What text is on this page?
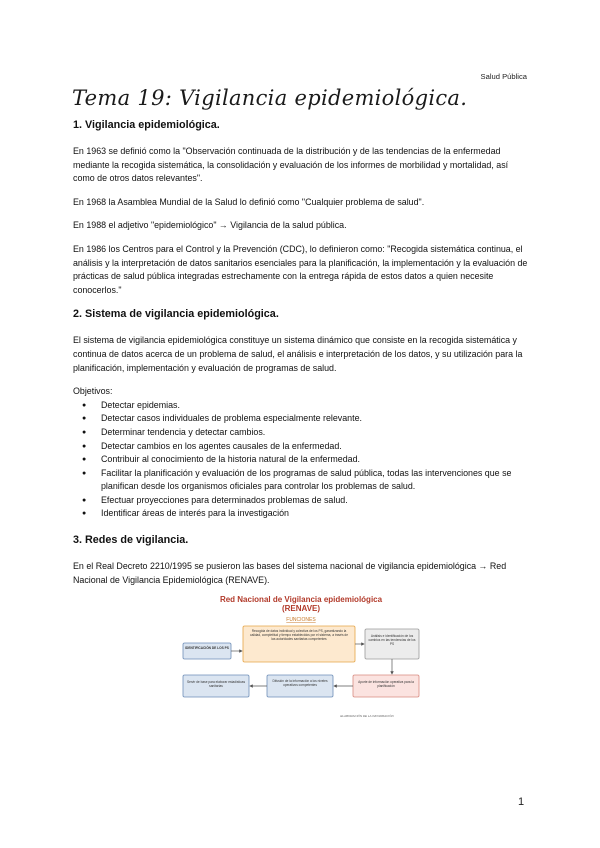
Salud Pública
Tema 19: Vigilancia epidemiológica.
1. Vigilancia epidemiológica.

En 1963 se definió como la "Observación continuada de la distribución y de las tendencias de la enfermedad mediante la recogida sistemática, la consolidación y evaluación de los informes de morbilidad y mortalidad, así como de otros datos relevantes".

En 1968 la Asamblea Mundial de la Salud lo definió como "Cualquier problema de salud".

En 1988 el adjetivo "epidemiológico" → Vigilancia de la salud pública.

En 1986 los Centros para el Control y la Prevención (CDC), lo definieron como: "Recogida sistemática continua, el análisis y la interpretación de datos sanitarios esenciales para la planificación, la implementación y la evaluación de prácticas de salud pública integradas estrechamente con la entrega rápida de estos datos a quien necesite conocerlos."

2. Sistema de vigilancia epidemiológica.

El sistema de vigilancia epidemiológica constituye un sistema dinámico que consiste en la recogida sistemática y continua de datos acerca de un problema de salud, el análisis e interpretación de los datos, y su utilización para la planificación, implementación y evaluación de programas de salud.

Objetivos:

● Detectar epidemias.
● Detectar casos individuales de problema especialmente relevante.
● Determinar tendencia y detectar cambios.
● Detectar cambios en los agentes causales de la enfermedad.
● Contribuir al conocimiento de la historia natural de la enfermedad.
● Facilitar la planificación y evaluación de los programas de salud pública, todas las intervenciones que se planifican desde los organismos oficiales para controlar los problemas de salud.
● Efectuar proyecciones para determinados problemas de salud.
● Identificar áreas de interés para la investigación
3. Redes de vigilancia.

En el Real Decreto 2210/1995 se pusieron las bases del sistema nacional de vigilancia epidemiológica → Red Nacional de Vigilancia Epidemiológica (RENAVE).

Red Nacional de Vigilancia epidemiológica
(RENAVE)
FUNCIONES
IDENTIFICACIÓN DE LOS PS
Recogida de datos individual y colectiva de los PS, garantizando la calidad, completitud y tiempo establecidos por el sistema, a través de las autoridades sanitarias competentes
Análisis e identificación de los cambios en las tendencias de los PS
Difusión de la información a los niveles operativos competentes
Aporte de información operativa para la planificación
Servir de base para elaborar estadísticas sanitarias
ELABORACIÓN DE LA INFORMACIÓN
1
